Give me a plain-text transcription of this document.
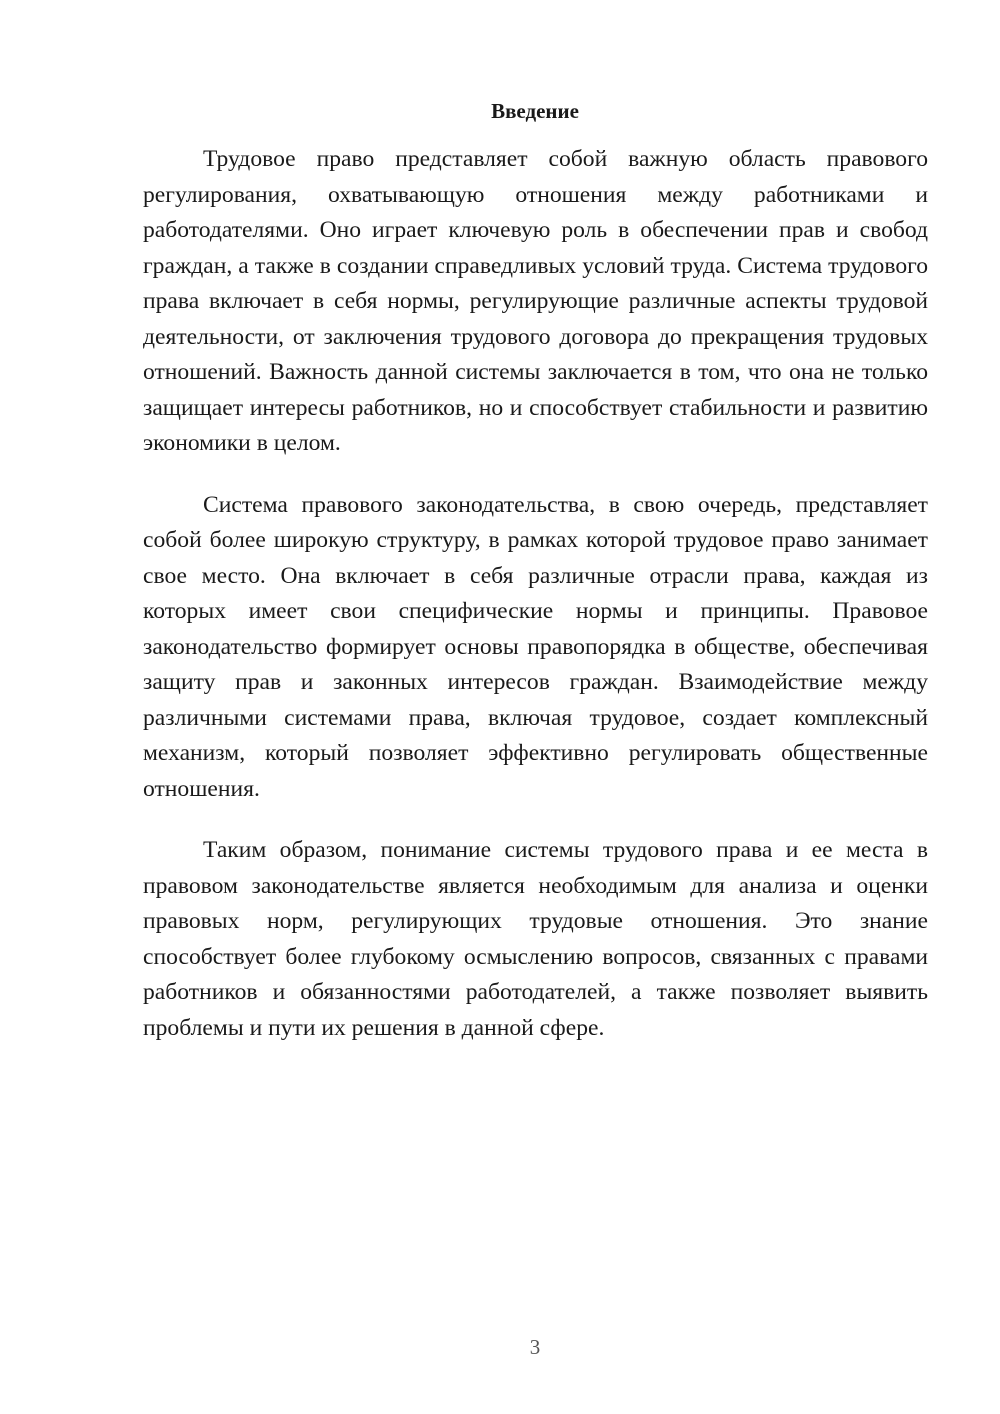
Введение

Трудовое право представляет собой важную область правового регулирования, охватывающую отношения между работниками и работодателями. Оно играет ключевую роль в обеспечении прав и свобод граждан, а также в создании справедливых условий труда. Система трудового права включает в себя нормы, регулирующие различные аспекты трудовой деятельности, от заключения трудового договора до прекращения трудовых отношений. Важность данной системы заключается в том, что она не только защищает интересы работников, но и способствует стабильности и развитию экономики в целом.

Система правового законодательства, в свою очередь, представляет собой более широкую структуру, в рамках которой трудовое право занимает свое место. Она включает в себя различные отрасли права, каждая из которых имеет свои специфические нормы и принципы. Правовое законодательство формирует основы правопорядка в обществе, обеспечивая защиту прав и законных интересов граждан. Взаимодействие между различными системами права, включая трудовое, создает комплексный механизм, который позволяет эффективно регулировать общественные отношения.

Таким образом, понимание системы трудового права и ее места в правовом законодательстве является необходимым для анализа и оценки правовых норм, регулирующих трудовые отношения. Это знание способствует более глубокому осмыслению вопросов, связанных с правами работников и обязанностями работодателей, а также позволяет выявить проблемы и пути их решения в данной сфере.

3
